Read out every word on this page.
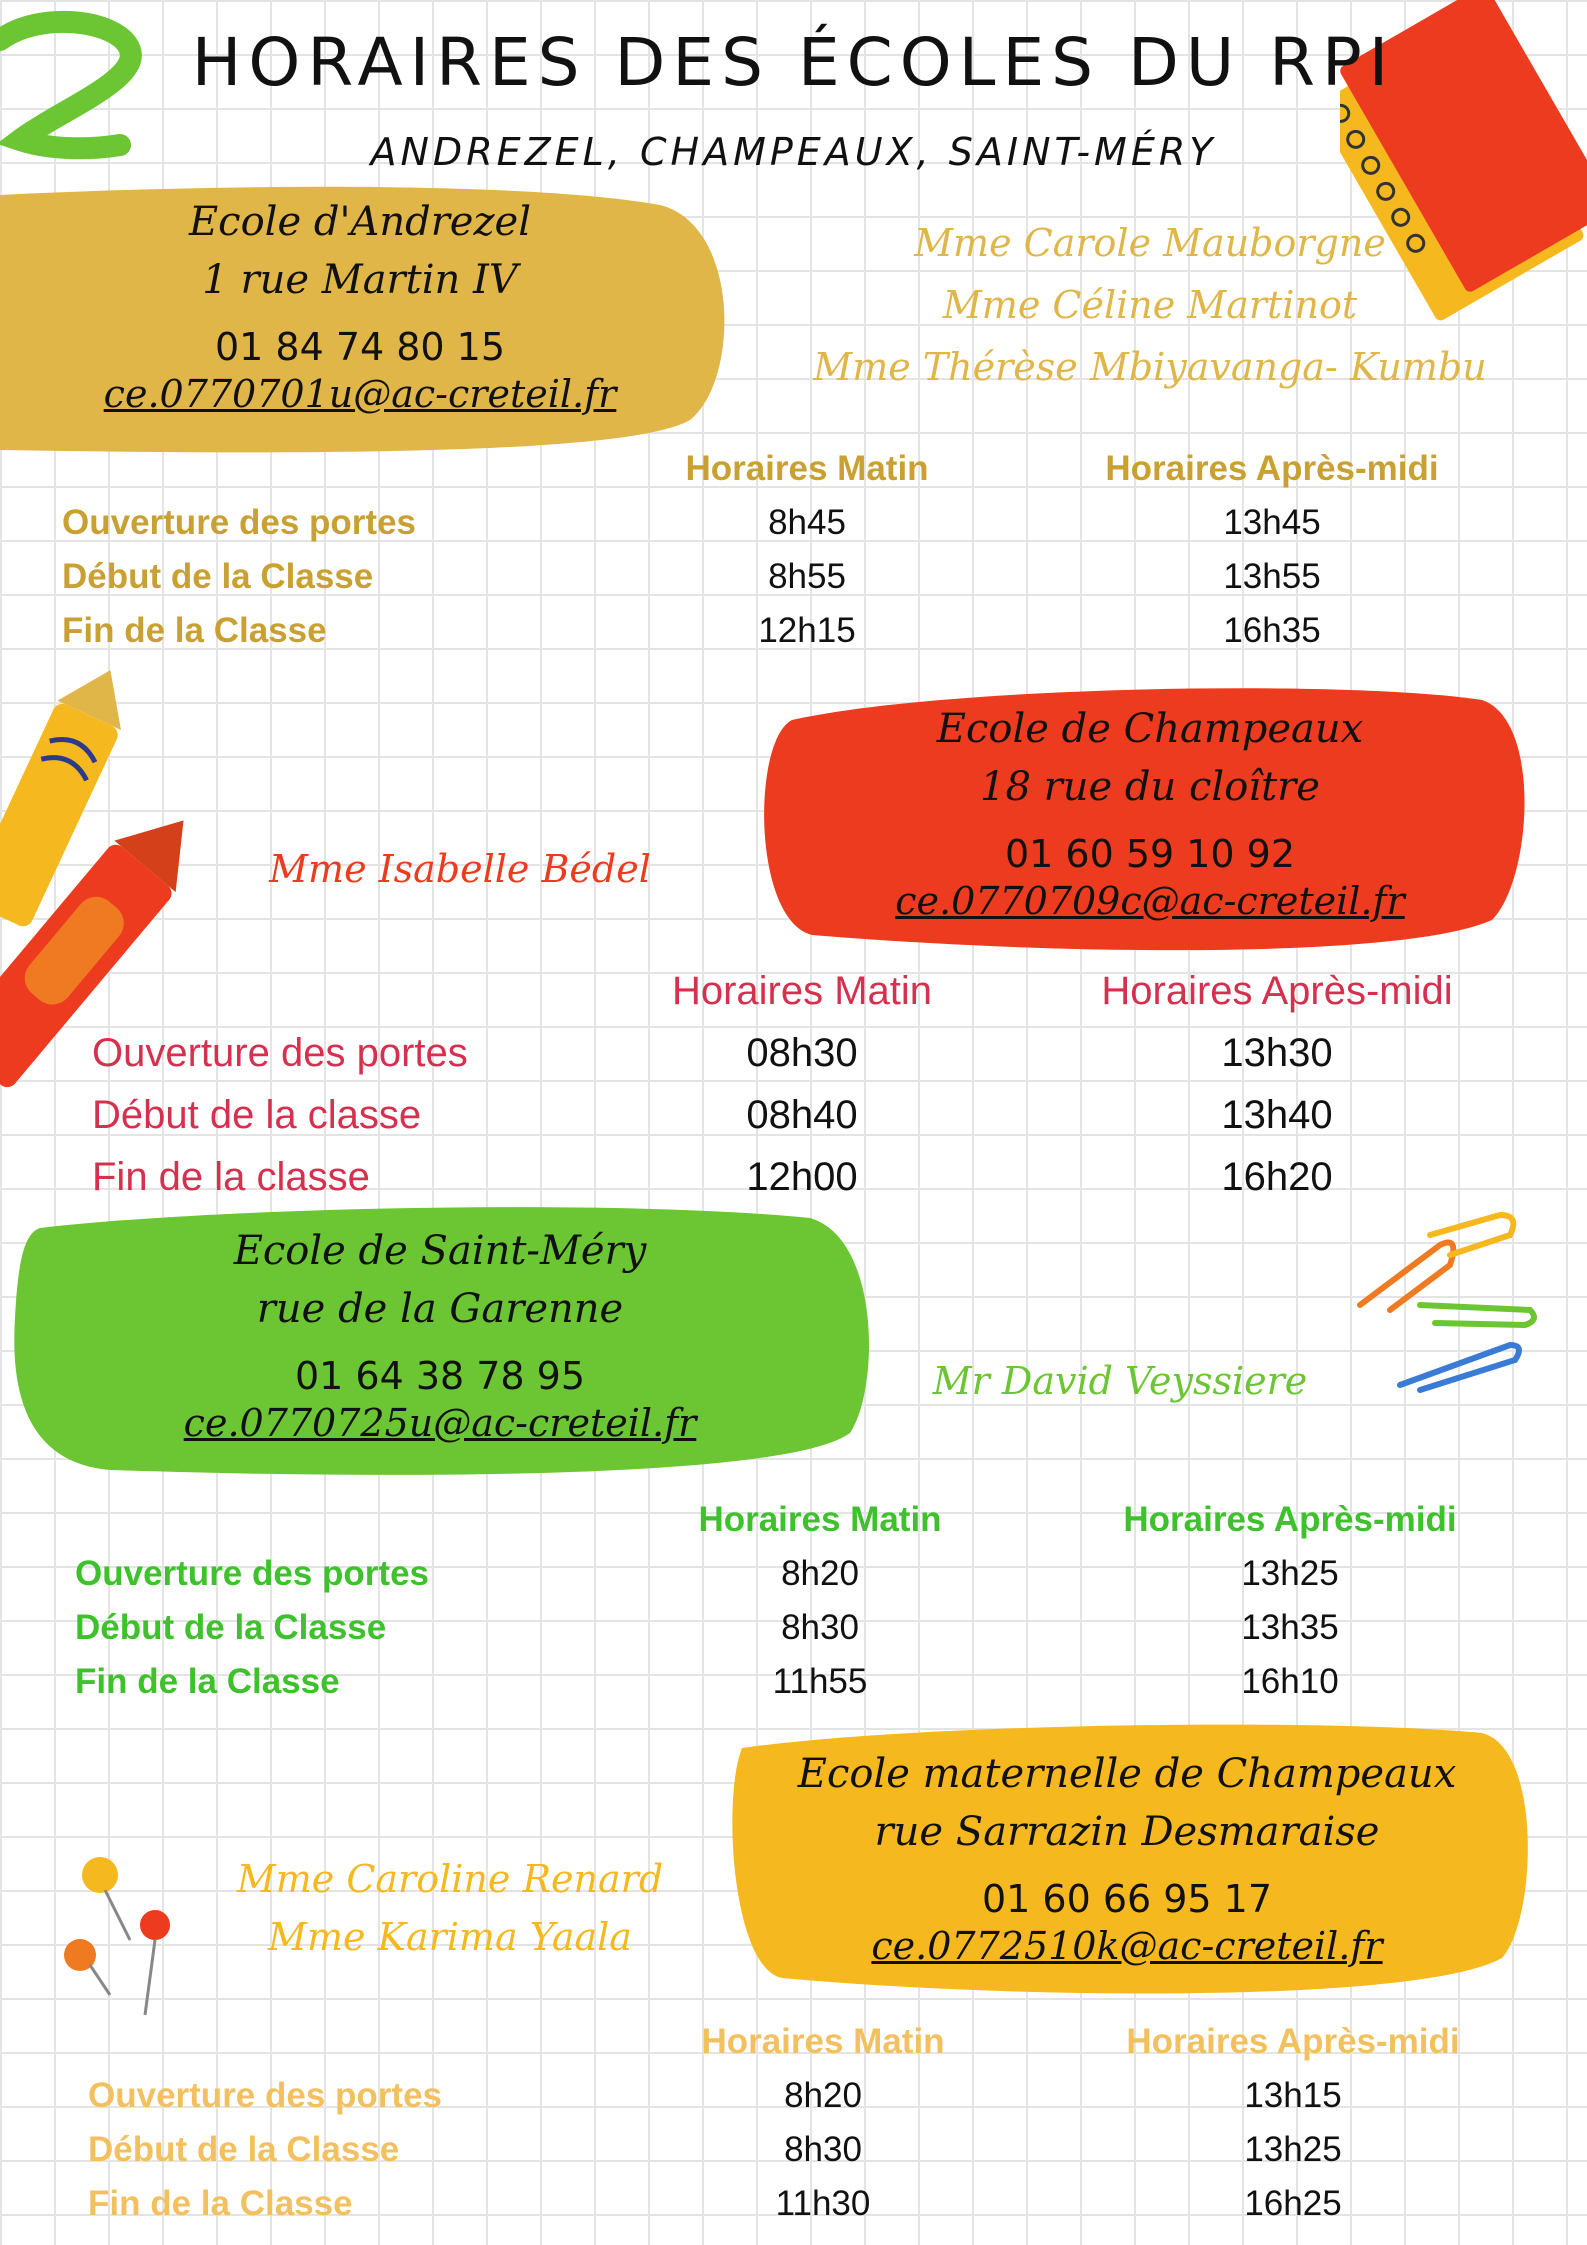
HORAIRES DES ÉCOLES DU RPI
ANDREZEL, CHAMPEAUX, SAINT-MÉRY
Ecole d'Andrezel
1 rue Martin IV
01 84 74 80 15
ce.0770701u@ac-creteil.fr
Mme Carole Mauborgne
Mme Céline Martinot
Mme Thérèse Mbiyavanga- Kumbu
	Horaires Matin	Horaires Après-midi
Ouverture des portes	8h45	13h45
Début de la Classe	8h55	13h55
Fin de la Classe	12h15	16h35
Ecole de Champeaux
18 rue du cloître
01 60 59 10 92
ce.0770709c@ac-creteil.fr
Mme Isabelle Bédel
	Horaires Matin	Horaires Après-midi
Ouverture des portes	08h30	13h30
Début de la classe	08h40	13h40
Fin de la classe	12h00	16h20
Ecole de Saint-Méry
rue de la Garenne
01 64 38 78 95
ce.0770725u@ac-creteil.fr
Mr David Veyssiere
	Horaires Matin	Horaires Après-midi
Ouverture des portes	8h20	13h25
Début de la Classe	8h30	13h35
Fin de la Classe	11h55	16h10
Ecole maternelle de Champeaux
rue Sarrazin Desmaraise
01 60 66 95 17
ce.0772510k@ac-creteil.fr
Mme Caroline Renard
Mme Karima Yaala
	Horaires Matin	Horaires Après-midi
Ouverture des portes	8h20	13h15
Début de la Classe	8h30	13h25
Fin de la Classe	11h30	16h25
